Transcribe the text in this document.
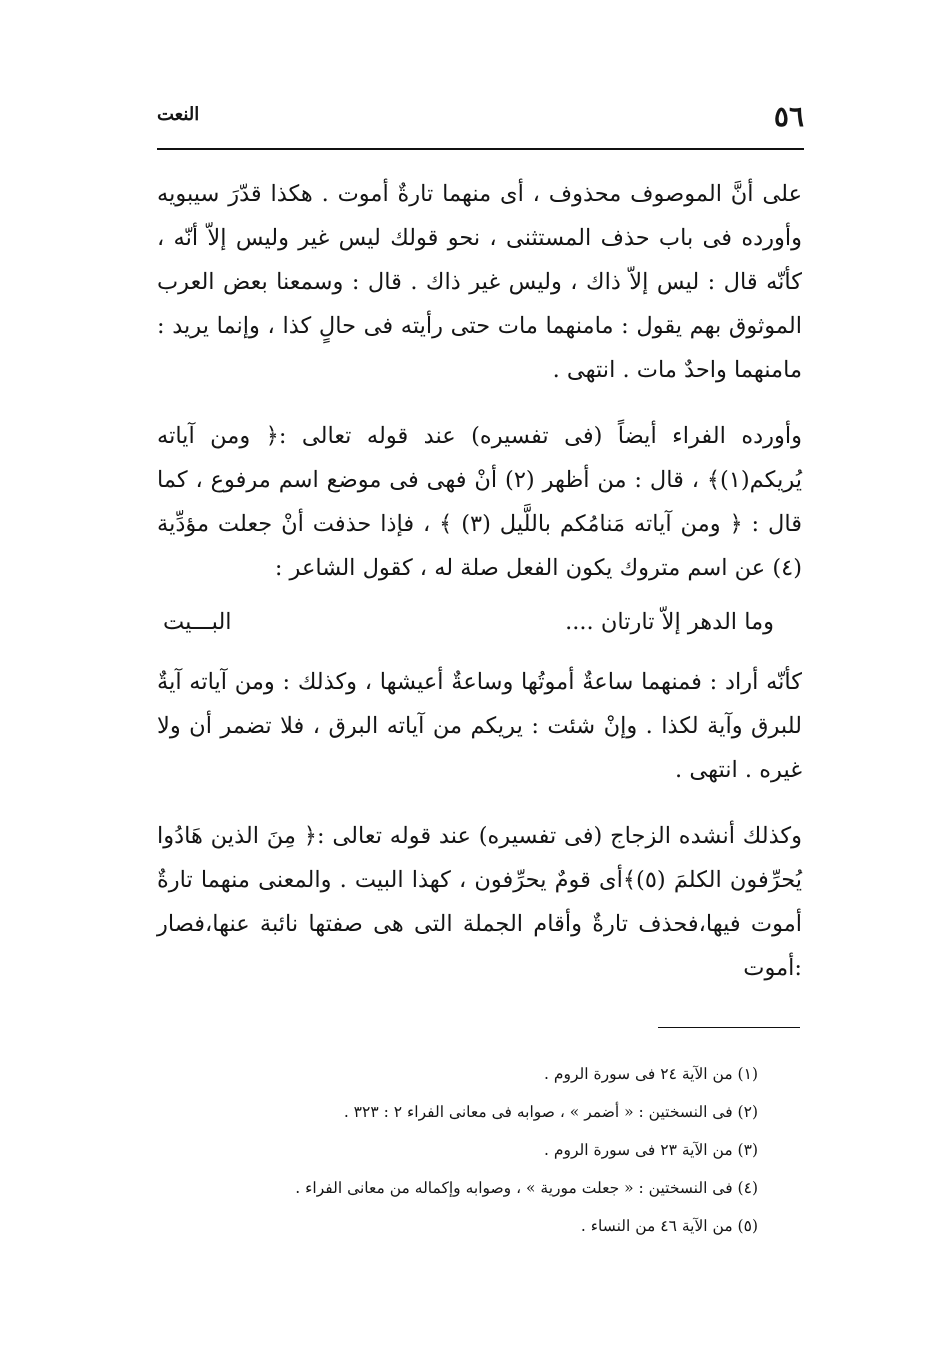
٥٦
النعت

على أنَّ الموصوف محذوف ، أى منهما تارةٌ أموت . هكذا قدّرَ سيبويه وأورده فى باب حذف المستثنى ، نحو قولك ليس غير وليس إلاّ أنّه ، كأنّه قال : ليس إلاّ ذاك ، وليس غير ذاك . قال : وسمعنا بعض العرب الموثوق بهم يقول : مامنهما مات حتى رأيته فى حالٍ كذا ، وإنما يريد : مامنهما واحدٌ مات . انتهى .

وأورده الفراء أيضاً (فى تفسيره) عند قوله تعالى :﴿ ومن آياته يُريكم(١)﴾ ، قال : من أظهر (٢) أنْ فهى فى موضع اسم مرفوع ، كما قال : ﴿ ومن آياته مَنامُكم باللَّيل (٣) ﴾ ، فإذا حذفت أنْ جعلت مؤدِّية (٤) عن اسم متروك يكون الفعل صلة له ، كقول الشاعر :

وما الدهر إلاّ تارتان ....
البـــيت

كأنّه أراد : فمنهما ساعةٌ أموتُها وساعةٌ أعيشها ، وكذلك : ومن آياته آيةٌ للبرق وآية لكذا . وإنْ شئت : يريكم من آياته البرق ، فلا تضمر أن ولا غيره . انتهى .

وكذلك أنشده الزجاج (فى تفسيره) عند قوله تعالى :﴿ مِنَ الذين هَادُوا يُحرِّفون الكلمَ (٥)﴾أى قومٌ يحرِّفون ، كهذا البيت . والمعنى منهما تارةٌ أموت فيها،فحذف تارةٌ وأقام الجملة التى هى صفتها نائبة عنها،فصار :أموت

(١) من الآية ٢٤ فى سورة الروم .
(٢) فى النسختين : « أضمر » ، صوابه فى معانى الفراء ٢ : ٣٢٣ .
(٣) من الآية ٢٣ فى سورة الروم .
(٤) فى النسختين : « جعلت مورية » ، وصوابه وإكماله من معانى الفراء .
(٥) من الآية ٤٦ من النساء .
